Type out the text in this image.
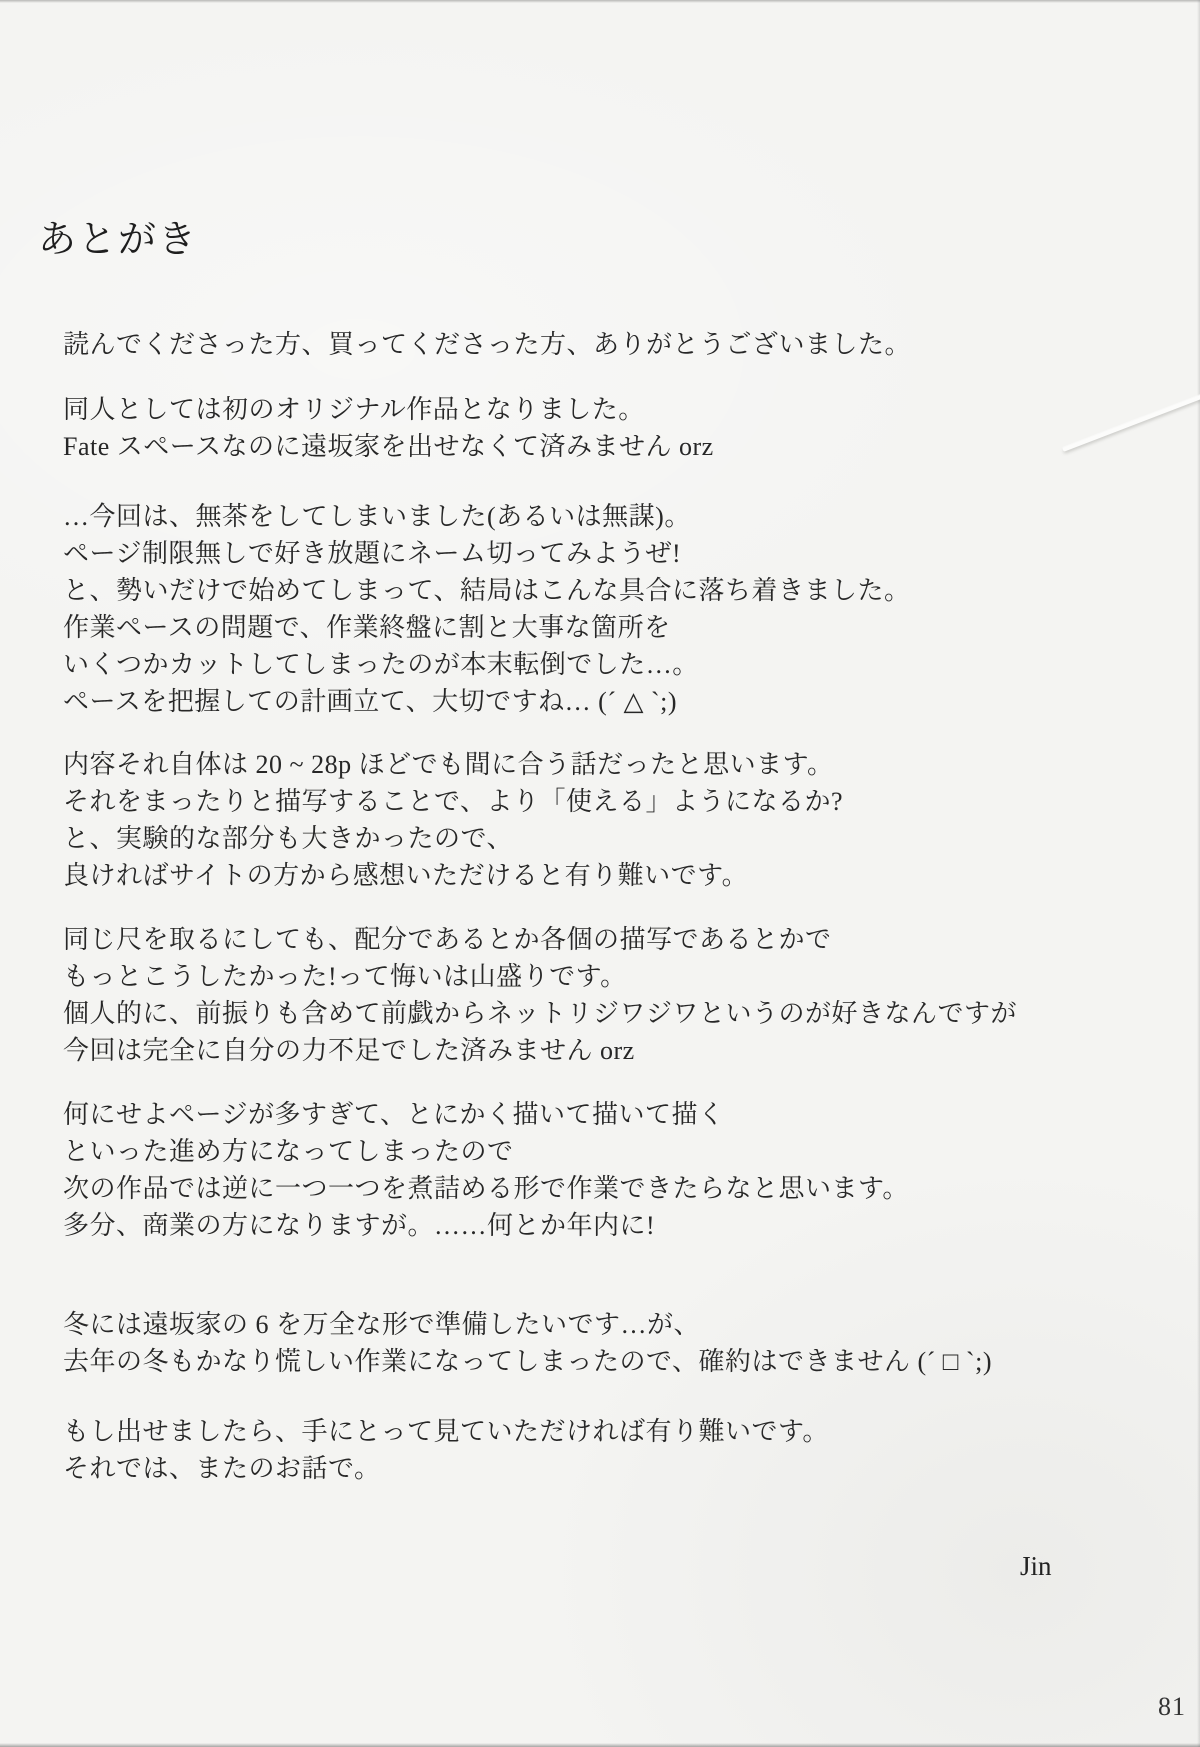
あとがき

読んでくださった方、買ってくださった方、ありがとうございました。

同人としては初のオリジナル作品となりました。
Fate スペースなのに遠坂家を出せなくて済みません orz

…今回は、無茶をしてしまいました(あるいは無謀)。
ページ制限無しで好き放題にネーム切ってみようぜ!
と、勢いだけで始めてしまって、結局はこんな具合に落ち着きました。
作業ペースの問題で、作業終盤に割と大事な箇所を
いくつかカットしてしまったのが本末転倒でした…。
ペースを把握しての計画立て、大切ですね… (´ △ `;)

内容それ自体は 20 ~ 28p ほどでも間に合う話だったと思います。
それをまったりと描写することで、より「使える」ようになるか?
と、実験的な部分も大きかったので、
良ければサイトの方から感想いただけると有り難いです。

同じ尺を取るにしても、配分であるとか各個の描写であるとかで
もっとこうしたかった!って悔いは山盛りです。
個人的に、前振りも含めて前戯からネットリジワジワというのが好きなんですが
今回は完全に自分の力不足でした済みません orz

何にせよページが多すぎて、とにかく描いて描いて描く
といった進め方になってしまったので
次の作品では逆に一つ一つを煮詰める形で作業できたらなと思います。
多分、商業の方になりますが。……何とか年内に!

冬には遠坂家の 6 を万全な形で準備したいです…が、
去年の冬もかなり慌しい作業になってしまったので、確約はできません (´ □ `;)

もし出せましたら、手にとって見ていただければ有り難いです。
それでは、またのお話で。

Jin
81
